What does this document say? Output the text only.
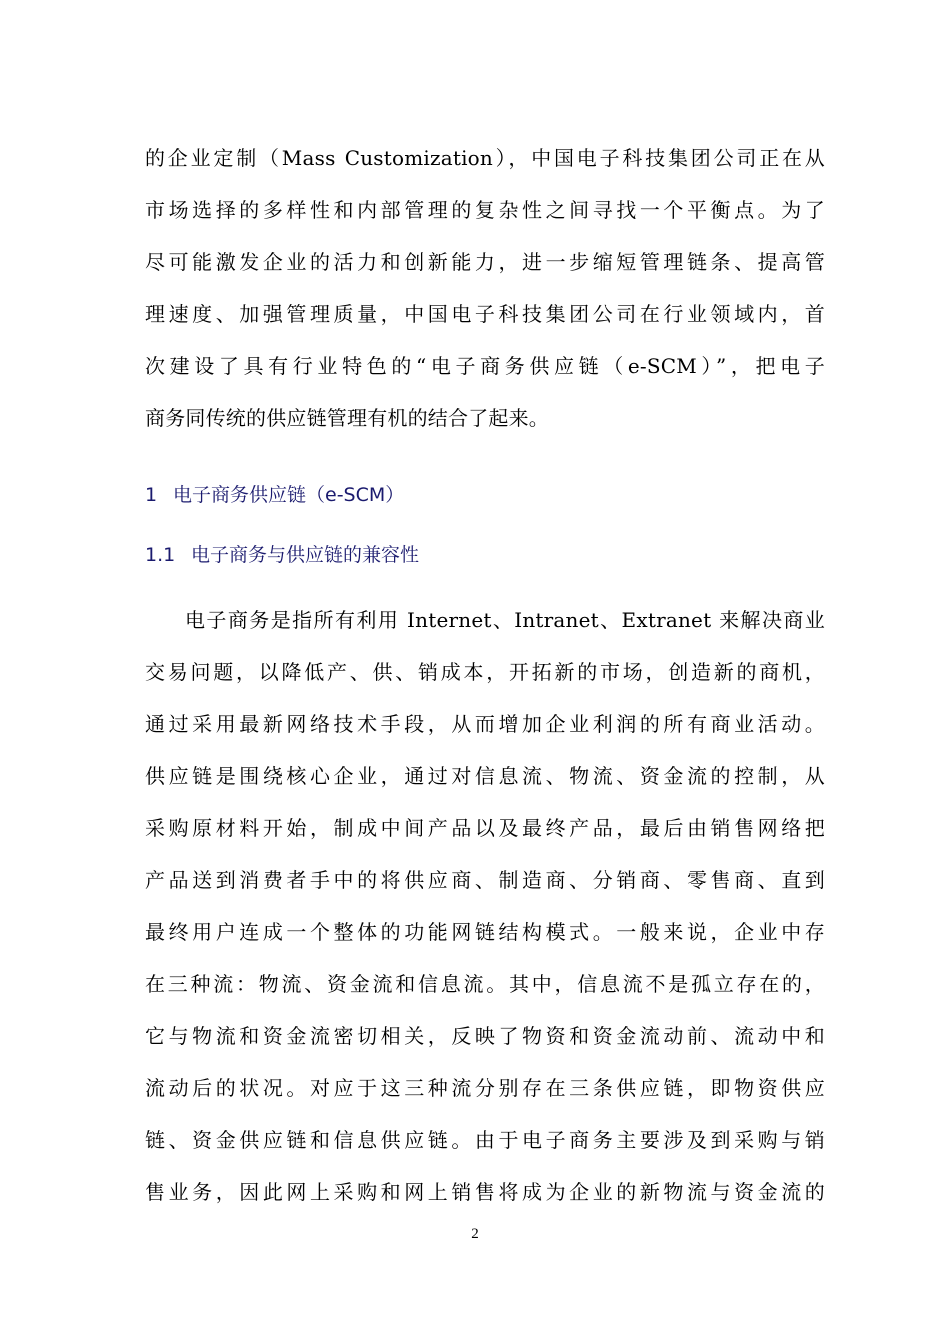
的企业定制（Mass Customization），中国电子科技集团公司正在从
市场选择的多样性和内部管理的复杂性之间寻找一个平衡点。为了
尽可能激发企业的活力和创新能力，进一步缩短管理链条、提高管
理速度、加强管理质量，中国电子科技集团公司在行业领域内，首
次建设了具有行业特色的“电子商务供应链（e-SCM）”，把电子
商务同传统的供应链管理有机的结合了起来。
1 电子商务供应链（e-SCM）
1.1 电子商务与供应链的兼容性
电子商务是指所有利用 Internet、Intranet、Extranet 来解决商业
交易问题，以降低产、供、销成本，开拓新的市场，创造新的商机，
通过采用最新网络技术手段，从而增加企业利润的所有商业活动。
供应链是围绕核心企业，通过对信息流、物流、资金流的控制，从
采购原材料开始，制成中间产品以及最终产品，最后由销售网络把
产品送到消费者手中的将供应商、制造商、分销商、零售商、直到
最终用户连成一个整体的功能网链结构模式。一般来说，企业中存
在三种流：物流、资金流和信息流。其中，信息流不是孤立存在的，
它与物流和资金流密切相关，反映了物资和资金流动前、流动中和
流动后的状况。对应于这三种流分别存在三条供应链，即物资供应
链、资金供应链和信息供应链。由于电子商务主要涉及到采购与销
售业务，因此网上采购和网上销售将成为企业的新物流与资金流的
2
